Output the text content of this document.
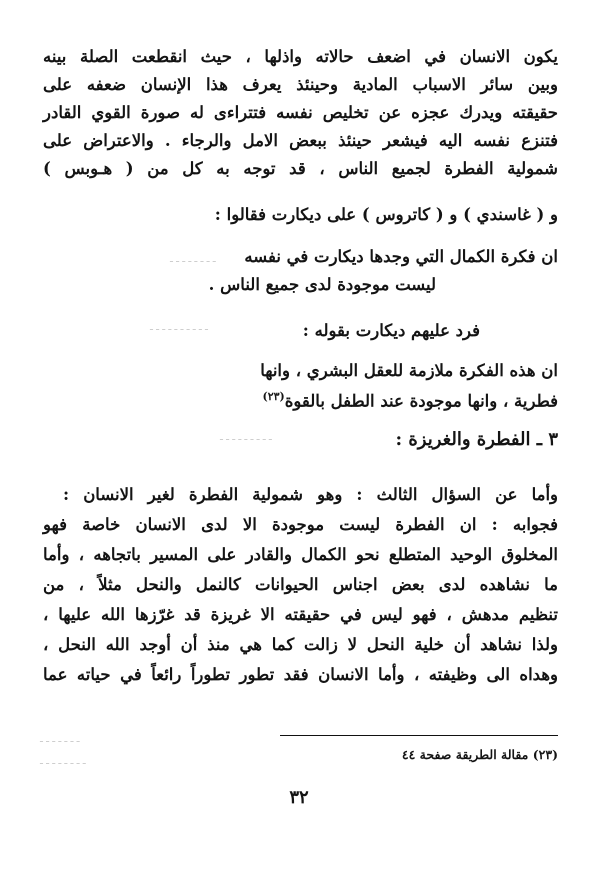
ـ ـ ـ ـ ـ ـ ـ ـ
ـ ـ ـ ـ ـ ـ ـ ـ ـ ـ
ـ ـ ـ ـ ـ ـ ـ ـ ـ
ـ ـ ـ ـ ـ ـ ـ
ـ ـ ـ ـ ـ ـ ـ ـ
يكون الانسان في اضعف حالاته واذلها ، حيث انقطعت الصلة بينه
وبين سائر الاسباب المادية وحينئذ يعرف هذا الإنسان ضعفه على
حقيقته ويدرك عجزه عن تخليص نفسه فتتراءى له صورة القوي القادر
فتنزع نفسه اليه فيشعر حينئذ ببعض الامل والرجاء . والاعتراض على
شمولية الفطرة لجميع الناس ، قد توجه به كل من ( هـوبس )
و ( غاسندي ) و ( كاتروس ) على ديكارت فقالوا :
ان فكرة الكمال التي وجدها ديكارت في نفسه
ليست موجودة لدى جميع الناس .
فرد عليهم ديكارت بقوله :
ان هذه الفكرة ملازمة للعقل البشري ، وانها
فطرية ، وانها موجودة عند الطفل بالقوة$^{(٢٣)}$
٣ ـ الفطرة والغريزة :
وأما عن السؤال الثالث : وهو شمولية الفطرة لغير الانسان :
فجوابه : ان الفطرة ليست موجودة الا لدى الانسان خاصة فهو
المخلوق الوحيد المتطلع نحو الكمال والقادر على المسير باتجاهه ، وأما
ما نشاهده لدى بعض اجناس الحيوانات كالنمل والنحل مثلاً ، من
تنظيم مدهش ، فهو ليس في حقيقته الا غريزة قد غرّزها الله عليها ،
ولذا نشاهد أن خلية النحل لا زالت كما هي منذ أن أوجد الله النحل ،
وهداه الى وظيفته ، وأما الانسان فقد تطور تطوراً رائعاً في حياته عما
(٢٣) مقالة الطريقة صفحة ٤٤
٣٢
